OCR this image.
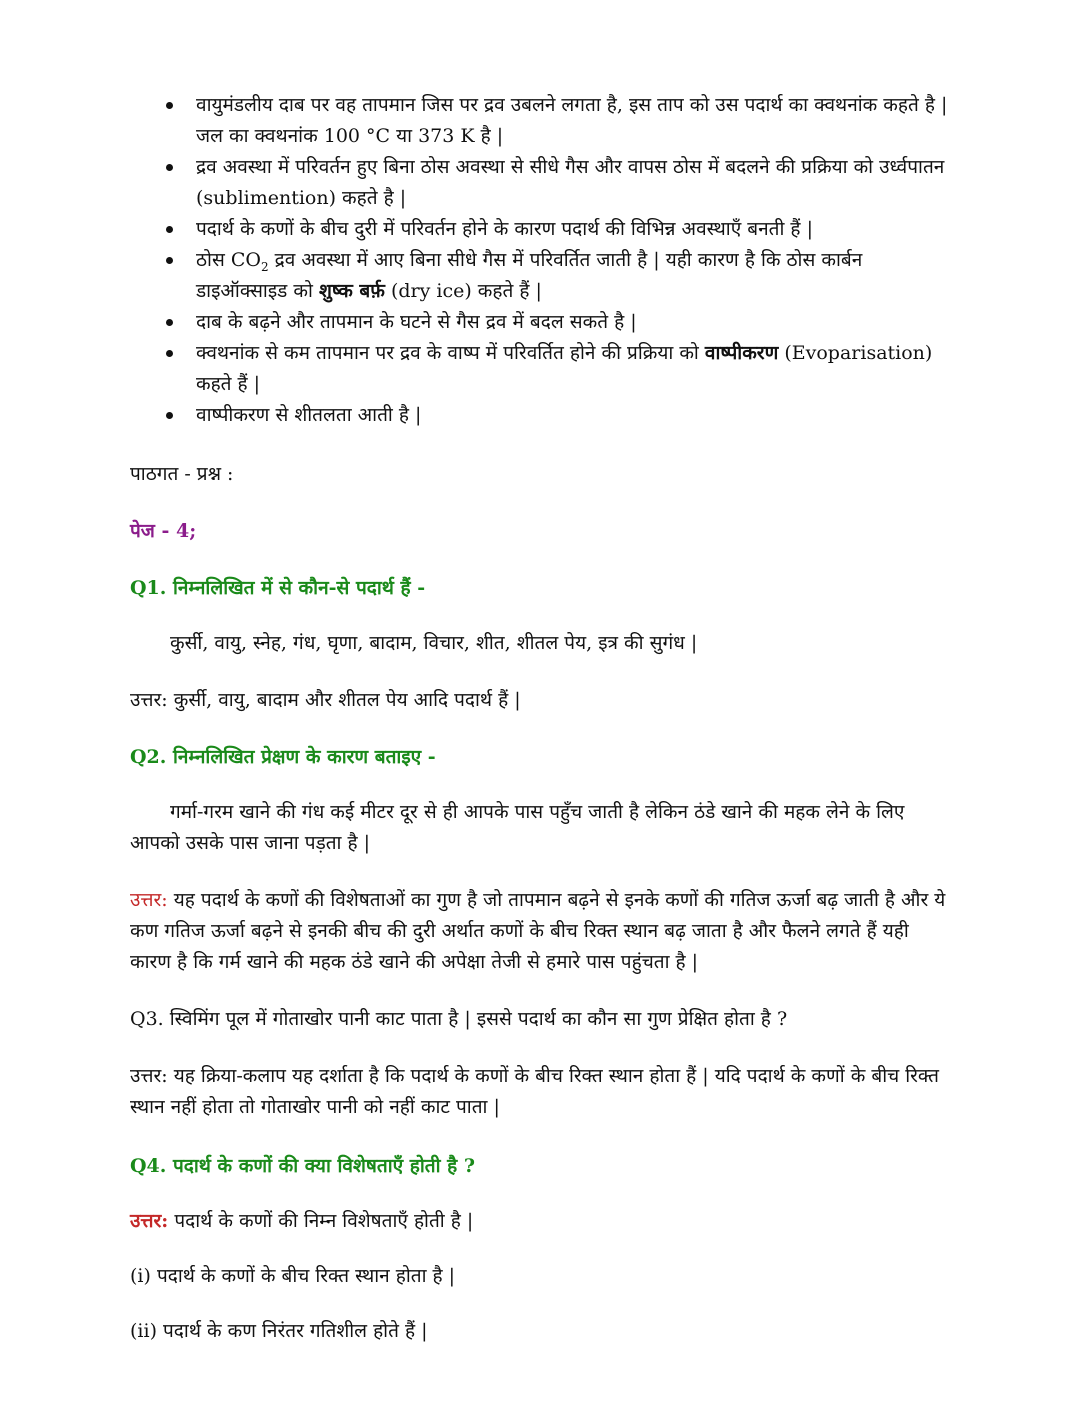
वायुमंडलीय दाब पर वह तापमान जिस पर द्रव उबलने लगता है, इस ताप को उस पदार्थ का क्वथनांक कहते है | जल का क्वथनांक 100 °C या 373 K है |
द्रव अवस्था में परिवर्तन हुए बिना ठोस अवस्था से सीधे गैस और वापस ठोस में बदलने की प्रक्रिया को उर्ध्वपातन (sublimention) कहते है |
पदार्थ के कणों के बीच दुरी में परिवर्तन होने के कारण पदार्थ की विभिन्न अवस्थाएँ बनती हैं |
ठोस $CO_2$ द्रव अवस्था में आए बिना सीधे गैस में परिवर्तित जाती है | यही कारण है कि ठोस कार्बन डाइऑक्साइड को शुष्क बर्फ़ (dry ice) कहते हैं |
दाब के बढ़ने और तापमान के घटने से गैस द्रव में बदल सकते है |
क्वथनांक से कम तापमान पर द्रव के वाष्प में परिवर्तित होने की प्रक्रिया को वाष्पीकरण (Evoparisation) कहते हैं |
वाष्पीकरण से शीतलता आती है |

पाठगत - प्रश्न :

पेज - 4;

Q1. निम्नलिखित में से कौन-से पदार्थ हैं -

कुर्सी, वायु, स्नेह, गंध, घृणा, बादाम, विचार, शीत, शीतल पेय, इत्र की सुगंध |

उत्तर: कुर्सी, वायु, बादाम और शीतल पेय आदि पदार्थ हैं |

Q2. निम्नलिखित प्रेक्षण के कारण बताइए -

गर्मा-गरम खाने की गंध कई मीटर दूर से ही आपके पास पहुँच जाती है लेकिन ठंडे खाने की महक लेने के लिए आपको उसके पास जाना पड़ता है |

उत्तर: यह पदार्थ के कणों की विशेषताओं का गुण है जो तापमान बढ़ने से इनके कणों की गतिज ऊर्जा बढ़ जाती है और ये कण गतिज ऊर्जा बढ़ने से इनकी बीच की दुरी अर्थात कणों के बीच रिक्त स्थान बढ़ जाता है और फैलने लगते हैं यही कारण है कि गर्म खाने की महक ठंडे खाने की अपेक्षा तेजी से हमारे पास पहुंचता है |

Q3. स्विमिंग पूल में गोताखोर पानी काट पाता है | इससे पदार्थ का कौन सा गुण प्रेक्षित होता है ?

उत्तर: यह क्रिया-कलाप यह दर्शाता है कि पदार्थ के कणों के बीच रिक्त स्थान होता हैं | यदि पदार्थ के कणों के बीच रिक्त स्थान नहीं होता तो गोताखोर पानी को नहीं काट पाता |

Q4. पदार्थ के कणों की क्या विशेषताएँ होती है ?

उत्तर: पदार्थ के कणों की निम्न विशेषताएँ होती है |

(i) पदार्थ के कणों के बीच रिक्त स्थान होता है |

(ii) पदार्थ के कण निरंतर गतिशील होते हैं |
